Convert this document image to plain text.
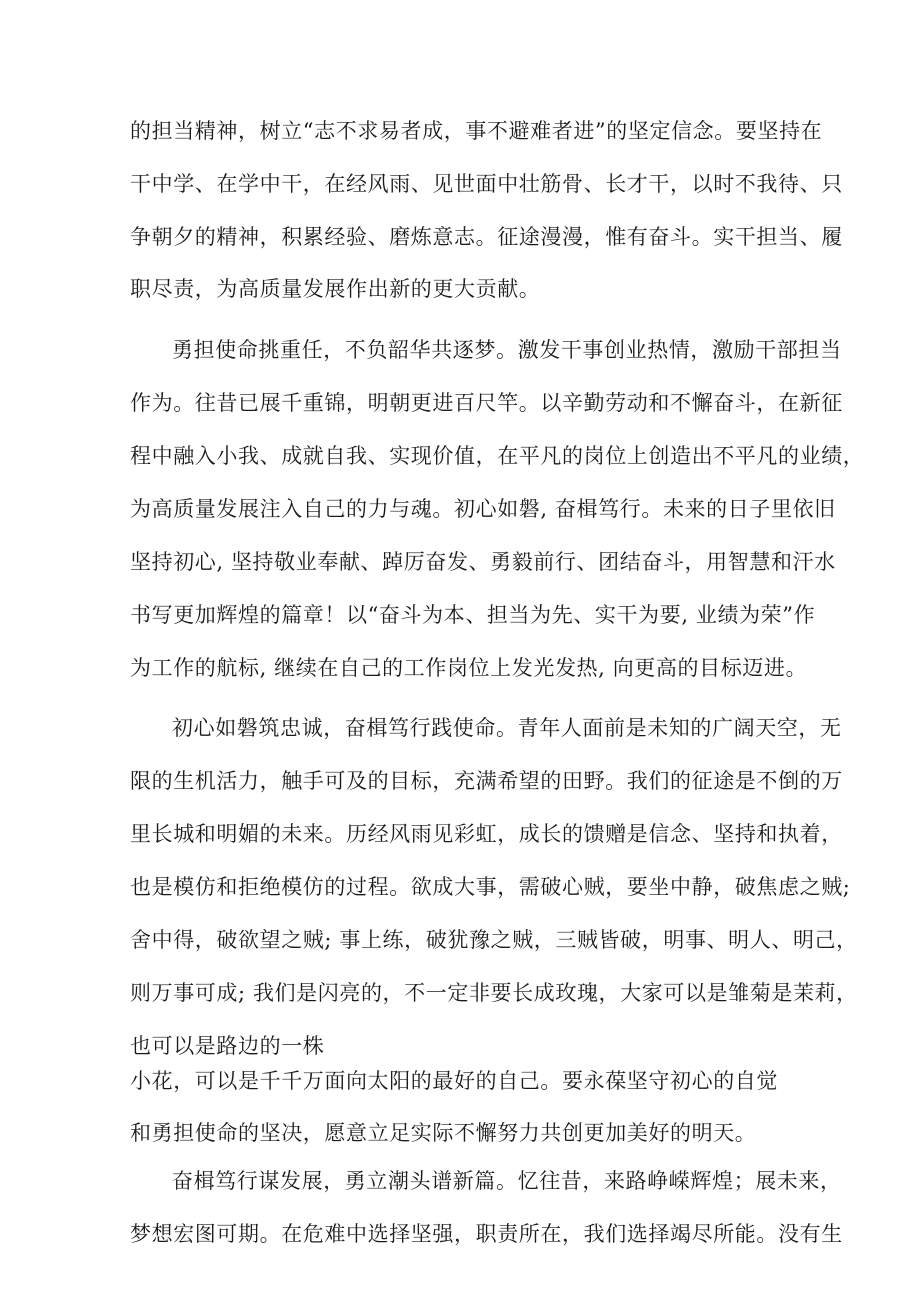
的担当精神，树立“志不求易者成，事不避难者进”的坚定信念。要坚持在
干中学、在学中干，在经风雨、见世面中壮筋骨、长才干，以时不我待、只
争朝夕的精神，积累经验、磨炼意志。征途漫漫，惟有奋斗。实干担当、履
职尽责，为高质量发展作出新的更大贡献。
勇担使命挑重任，不负韶华共逐梦。激发干事创业热情，激励干部担当
作为。往昔已展千重锦，明朝更进百尺竿。以辛勤劳动和不懈奋斗，在新征
程中融入小我、成就自我、实现价值，在平凡的岗位上创造出不平凡的业绩，
为高质量发展注入自己的力与魂。初心如磐, 奋楫笃行。未来的日子里依旧
坚持初心, 坚持敬业奉献、踔厉奋发、勇毅前行、团结奋斗，用智慧和汗水
书写更加辉煌的篇章！以“奋斗为本、担当为先、实干为要, 业绩为荣”作
为工作的航标, 继续在自己的工作岗位上发光发热, 向更高的目标迈进。
初心如磐筑忠诚，奋楫笃行践使命。青年人面前是未知的广阔天空，无
限的生机活力，触手可及的目标，充满希望的田野。我们的征途是不倒的万
里长城和明媚的未来。历经风雨见彩虹，成长的馈赠是信念、坚持和执着，
也是模仿和拒绝模仿的过程。欲成大事，需破心贼，要坐中静，破焦虑之贼;
舍中得，破欲望之贼; 事上练，破犹豫之贼，三贼皆破，明事、明人、明己，
则万事可成; 我们是闪亮的，不一定非要长成玫瑰，大家可以是雏菊是茉莉，
也可以是路边的一株
小花，可以是千千万面向太阳的最好的自己。要永葆坚守初心的自觉
和勇担使命的坚决，愿意立足实际不懈努力共创更加美好的明天。
奋楫笃行谋发展，勇立潮头谱新篇。忆往昔，来路峥嵘辉煌；展未来，
梦想宏图可期。在危难中选择坚强，职责所在，我们选择竭尽所能。没有生
